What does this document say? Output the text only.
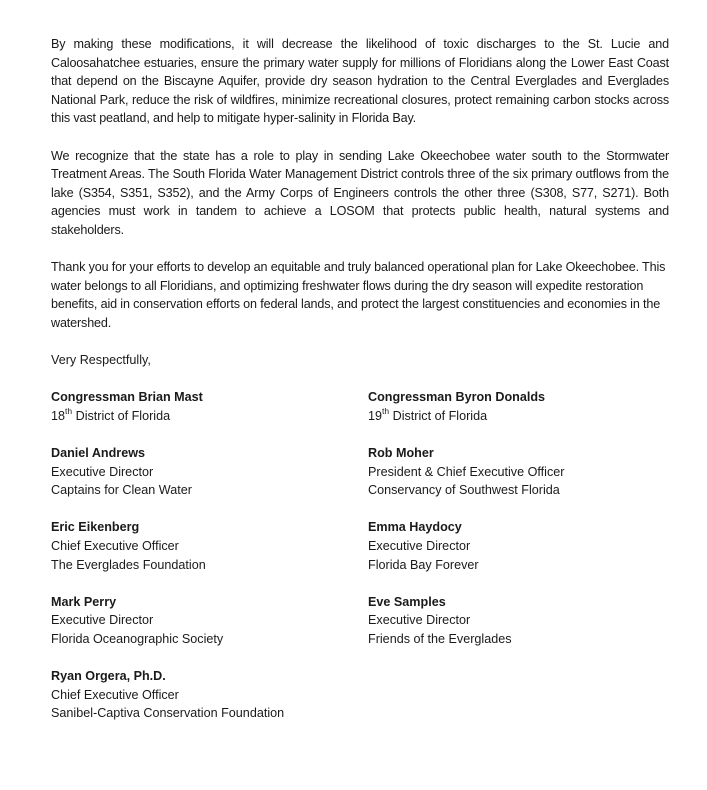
By making these modifications, it will decrease the likelihood of toxic discharges to the St. Lucie and Caloosahatchee estuaries, ensure the primary water supply for millions of Floridians along the Lower East Coast that depend on the Biscayne Aquifer, provide dry season hydration to the Central Everglades and Everglades National Park, reduce the risk of wildfires, minimize recreational closures, protect remaining carbon stocks across this vast peatland, and help to mitigate hyper-salinity in Florida Bay.

We recognize that the state has a role to play in sending Lake Okeechobee water south to the Stormwater Treatment Areas. The South Florida Water Management District controls three of the six primary outflows from the lake (S354, S351, S352), and the Army Corps of Engineers controls the other three (S308, S77, S271). Both agencies must work in tandem to achieve a LOSOM that protects public health, natural systems and stakeholders.

Thank you for your efforts to develop an equitable and truly balanced operational plan for Lake Okeechobee. This water belongs to all Floridians, and optimizing freshwater flows during the dry season will expedite restoration benefits, aid in conservation efforts on federal lands, and protect the largest constituencies and economies in the watershed.

Very Respectfully,

Congressman Brian Mast
18th District of Florida
Congressman Byron Donalds
19th District of Florida
Daniel Andrews
Executive Director
Captains for Clean Water
Rob Moher
President & Chief Executive Officer
Conservancy of Southwest Florida
Eric Eikenberg
Chief Executive Officer
The Everglades Foundation
Emma Haydocy
Executive Director
Florida Bay Forever
Mark Perry
Executive Director
Florida Oceanographic Society
Eve Samples
Executive Director
Friends of the Everglades
Ryan Orgera, Ph.D.
Chief Executive Officer
Sanibel-Captiva Conservation Foundation
